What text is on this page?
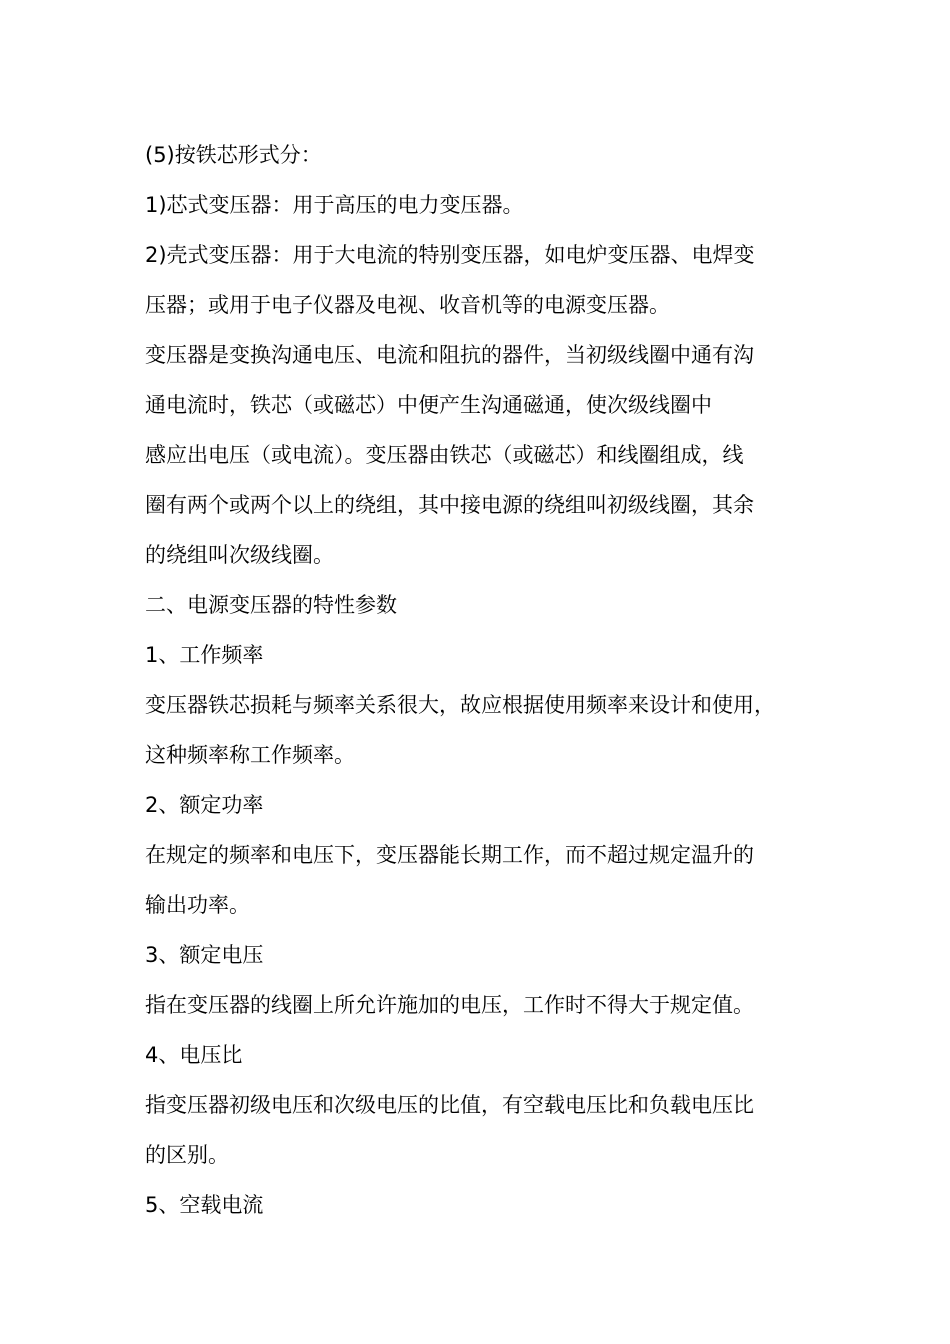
(5)按铁芯形式分：
1)芯式变压器：用于高压的电力变压器。
2)壳式变压器：用于大电流的特别变压器，如电炉变压器、电焊变
压器；或用于电子仪器及电视、收音机等的电源变压器。
变压器是变换沟通电压、电流和阻抗的器件，当初级线圈中通有沟
通电流时，铁芯（或磁芯）中便产生沟通磁通，使次级线圈中
感应出电压（或电流）。变压器由铁芯（或磁芯）和线圈组成，线
圈有两个或两个以上的绕组，其中接电源的绕组叫初级线圈，其余
的绕组叫次级线圈。
二、电源变压器的特性参数
1、工作频率
变压器铁芯损耗与频率关系很大，故应根据使用频率来设计和使用，
这种频率称工作频率。
2、额定功率
在规定的频率和电压下，变压器能长期工作，而不超过规定温升的
输出功率。
3、额定电压
指在变压器的线圈上所允许施加的电压，工作时不得大于规定值。
4、电压比
指变压器初级电压和次级电压的比值，有空载电压比和负载电压比
的区别。
5、空载电流
